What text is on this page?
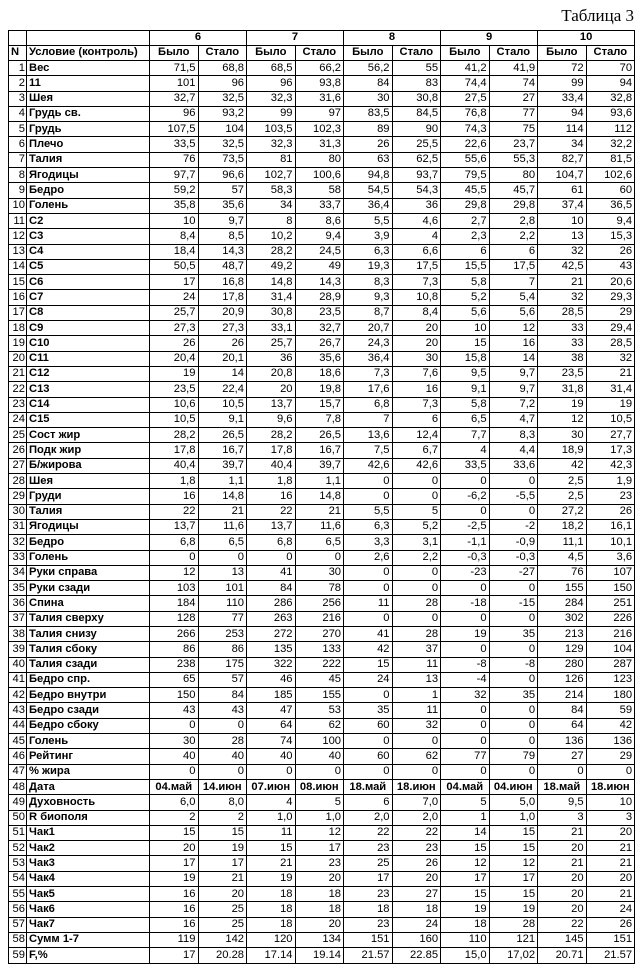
Таблица 3
		6	7	8	9	10
N	Условие (контроль)	Было	Стало	Было	Стало	Было	Стало	Было	Стало	Было	Стало
1	Вес	71,5	68,8	68,5	66,2	56,2	55	41,2	41,9	72	70
2	11	101	96	96	93,8	84	83	74,4	74	99	94
3	Шея	32,7	32,5	32,3	31,6	30	30,8	27,5	27	33,4	32,8
4	Грудь св.	96	93,2	99	97	83,5	84,5	76,8	77	94	93,6
5	Грудь	107,5	104	103,5	102,3	89	90	74,3	75	114	112
6	Плечо	33,5	32,5	32,3	31,3	26	25,5	22,6	23,7	34	32,2
7	Талия	76	73,5	81	80	63	62,5	55,6	55,3	82,7	81,5
8	Ягодицы	97,7	96,6	102,7	100,6	94,8	93,7	79,5	80	104,7	102,6
9	Бедро	59,2	57	58,3	58	54,5	54,3	45,5	45,7	61	60
10	Голень	35,8	35,6	34	33,7	36,4	36	29,8	29,8	37,4	36,5
11	C2	10	9,7	8	8,6	5,5	4,6	2,7	2,8	10	9,4
12	C3	8,4	8,5	10,2	9,4	3,9	4	2,3	2,2	13	15,3
13	C4	18,4	14,3	28,2	24,5	6,3	6,6	6	6	32	26
14	C5	50,5	48,7	49,2	49	19,3	17,5	15,5	17,5	42,5	43
15	C6	17	16,8	14,8	14,3	8,3	7,3	5,8	7	21	20,6
16	C7	24	17,8	31,4	28,9	9,3	10,8	5,2	5,4	32	29,3
17	C8	25,7	20,9	30,8	23,5	8,7	8,4	5,6	5,6	28,5	29
18	C9	27,3	27,3	33,1	32,7	20,7	20	10	12	33	29,4
19	C10	26	26	25,7	26,7	24,3	20	15	16	33	28,5
20	C11	20,4	20,1	36	35,6	36,4	30	15,8	14	38	32
21	C12	19	14	20,8	18,6	7,3	7,6	9,5	9,7	23,5	21
22	C13	23,5	22,4	20	19,8	17,6	16	9,1	9,7	31,8	31,4
23	C14	10,6	10,5	13,7	15,7	6,8	7,3	5,8	7,2	19	19
24	C15	10,5	9,1	9,6	7,8	7	6	6,5	4,7	12	10,5
25	Сост жир	28,2	26,5	28,2	26,5	13,6	12,4	7,7	8,3	30	27,7
26	Подк жир	17,8	16,7	17,8	16,7	7,5	6,7	4	4,4	18,9	17,3
27	Б/жирова	40,4	39,7	40,4	39,7	42,6	42,6	33,5	33,6	42	42,3
28	Шея	1,8	1,1	1,8	1,1	0	0	0	0	2,5	1,9
29	Груди	16	14,8	16	14,8	0	0	-6,2	-5,5	2,5	23
30	Талия	22	21	22	21	5,5	5	0	0	27,2	26
31	Ягодицы	13,7	11,6	13,7	11,6	6,3	5,2	-2,5	-2	18,2	16,1
32	Бедро	6,8	6,5	6,8	6,5	3,3	3,1	-1,1	-0,9	11,1	10,1
33	Голень	0	0	0	0	2,6	2,2	-0,3	-0,3	4,5	3,6
34	Руки справа	12	13	41	30	0	0	-23	-27	76	107
35	Руки сзади	103	101	84	78	0	0	0	0	155	150
36	Спина	184	110	286	256	11	28	-18	-15	284	251
37	Талия сверху	128	77	263	216	0	0	0	0	302	226
38	Талия снизу	266	253	272	270	41	28	19	35	213	216
39	Талия сбоку	86	86	135	133	42	37	0	0	129	104
40	Талия сзади	238	175	322	222	15	11	-8	-8	280	287
41	Бедро спр.	65	57	46	45	24	13	-4	0	126	123
42	Бедро внутри	150	84	185	155	0	1	32	35	214	180
43	Бедро сзади	43	43	47	53	35	11	0	0	84	59
44	Бедро сбоку	0	0	64	62	60	32	0	0	64	42
45	Голень	30	28	74	100	0	0	0	0	136	136
46	Рейтинг	40	40	40	40	60	62	77	79	27	29
47	% жира	0	0	0	0	0	0	0	0	0	0
48	Дата	04.май	14.июн	07.июн	08.июн	18.май	18.июн	04.май	04.июн	18.май	18.июн
49	Духовность	6,0	8,0	4	5	6	7,0	5	5,0	9,5	10
50	R биополя	2	2	1,0	1,0	2,0	2,0	1	1,0	3	3
51	Чак1	15	15	11	12	22	22	14	15	21	20
52	Чак2	20	19	15	17	23	23	15	15	20	21
53	Чак3	17	17	21	23	25	26	12	12	21	21
54	Чак4	19	21	19	20	17	20	17	17	20	20
55	Чак5	16	20	18	18	23	27	15	15	20	21
56	Чак6	16	25	18	18	18	18	19	19	20	24
57	Чак7	16	25	18	20	23	24	18	28	22	26
58	Сумм 1-7	119	142	120	134	151	160	110	121	145	151
59	F,%	17	20.28	17.14	19.14	21.57	22.85	15,0	17,02	20.71	21.57
